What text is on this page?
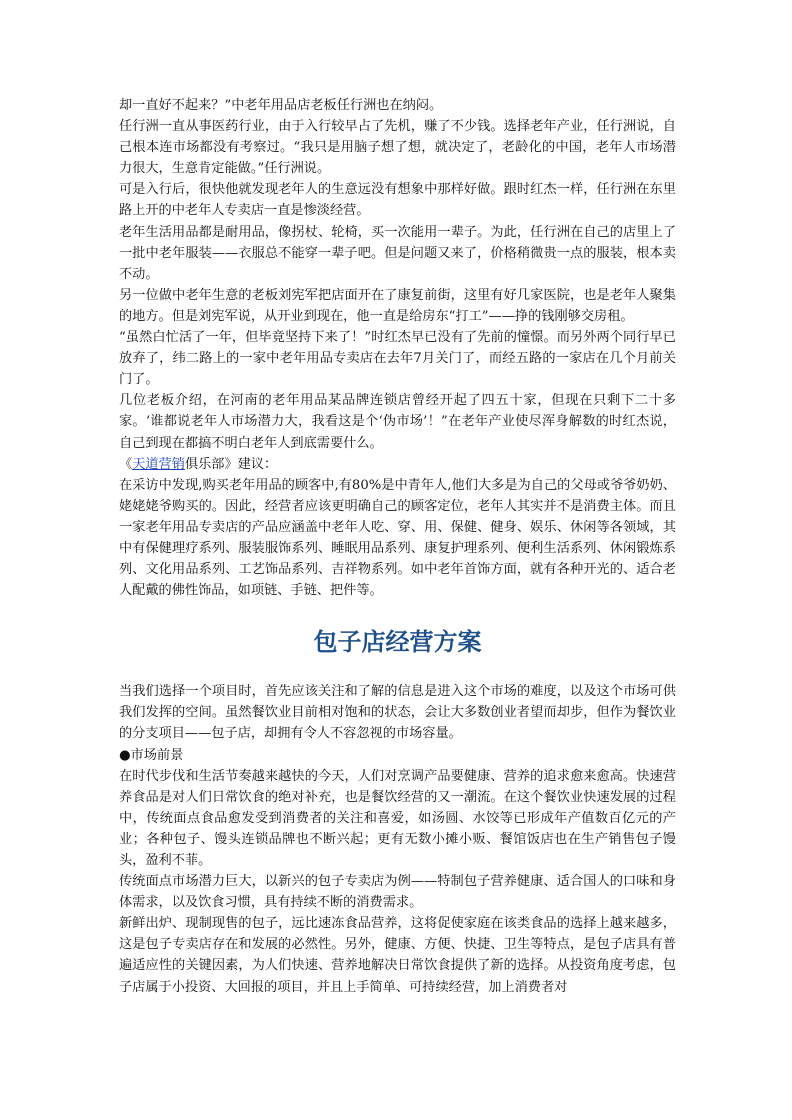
却一直好不起来？”中老年用品店老板任行洲也在纳闷。

任行洲一直从事医药行业，由于入行较早占了先机，赚了不少钱。选择老年产业，任行洲说，自己根本连市场都没有考察过。“我只是用脑子想了想，就决定了，老龄化的中国，老年人市场潜力很大，生意肯定能做。”任行洲说。

可是入行后，很快他就发现老年人的生意远没有想象中那样好做。跟时红杰一样，任行洲在东里路上开的中老年人专卖店一直是惨淡经营。

老年生活用品都是耐用品，像拐杖、轮椅，买一次能用一辈子。为此，任行洲在自己的店里上了一批中老年服装——衣服总不能穿一辈子吧。但是问题又来了，价格稍微贵一点的服装，根本卖不动。

另一位做中老年生意的老板刘宪军把店面开在了康复前街，这里有好几家医院，也是老年人聚集的地方。但是刘宪军说，从开业到现在，他一直是给房东“打工”——挣的钱刚够交房租。

“虽然白忙活了一年，但毕竟坚持下来了！”时红杰早已没有了先前的憧憬。而另外两个同行早已放弃了，纬二路上的一家中老年用品专卖店在去年7月关门了，而经五路的一家店在几个月前关门了。

几位老板介绍，在河南的老年用品某品牌连锁店曾经开起了四五十家，但现在只剩下二十多家。‘谁都说老年人市场潜力大，我看这是个‘伪市场’！”在老年产业使尽浑身解数的时红杰说，自己到现在都搞不明白老年人到底需要什么。

《天道营销俱乐部》建议：

在采访中发现,购买老年用品的顾客中,有80%是中青年人,他们大多是为自己的父母或爷爷奶奶、姥姥姥爷购买的。因此，经营者应该更明确自己的顾客定位，老年人其实并不是消费主体。而且一家老年用品专卖店的产品应涵盖中老年人吃、穿、用、保健、健身、娱乐、休闲等各领域，其中有保健理疗系列、服装服饰系列、睡眠用品系列、康复护理系列、便利生活系列、休闲锻炼系列、文化用品系列、工艺饰品系列、吉祥物系列。如中老年首饰方面，就有各种开光的、适合老人配戴的佛性饰品，如项链、手链、把件等。

包子店经营方案

当我们选择一个项目时，首先应该关注和了解的信息是进入这个市场的难度，以及这个市场可供我们发挥的空间。虽然餐饮业目前相对饱和的状态，会让大多数创业者望而却步，但作为餐饮业的分支项目——包子店，却拥有令人不容忽视的市场容量。

●市场前景

在时代步伐和生活节奏越来越快的今天，人们对烹调产品要健康、营养的追求愈来愈高。快速营养食品是对人们日常饮食的绝对补充，也是餐饮经营的又一潮流。在这个餐饮业快速发展的过程中，传统面点食品愈发受到消费者的关注和喜爱，如汤圆、水饺等已形成年产值数百亿元的产业；各种包子、馒头连锁品牌也不断兴起；更有无数小摊小贩、餐馆饭店也在生产销售包子馒头，盈利不菲。

传统面点市场潜力巨大，以新兴的包子专卖店为例——特制包子营养健康、适合国人的口味和身体需求，以及饮食习惯，具有持续不断的消费需求。

新鲜出炉、现制现售的包子，远比速冻食品营养，这将促使家庭在该类食品的选择上越来越多，这是包子专卖店存在和发展的必然性。另外，健康、方便、快捷、卫生等特点，是包子店具有普遍适应性的关键因素，为人们快速、营养地解决日常饮食提供了新的选择。从投资角度考虑，包子店属于小投资、大回报的项目，并且上手简单、可持续经营，加上消费者对
